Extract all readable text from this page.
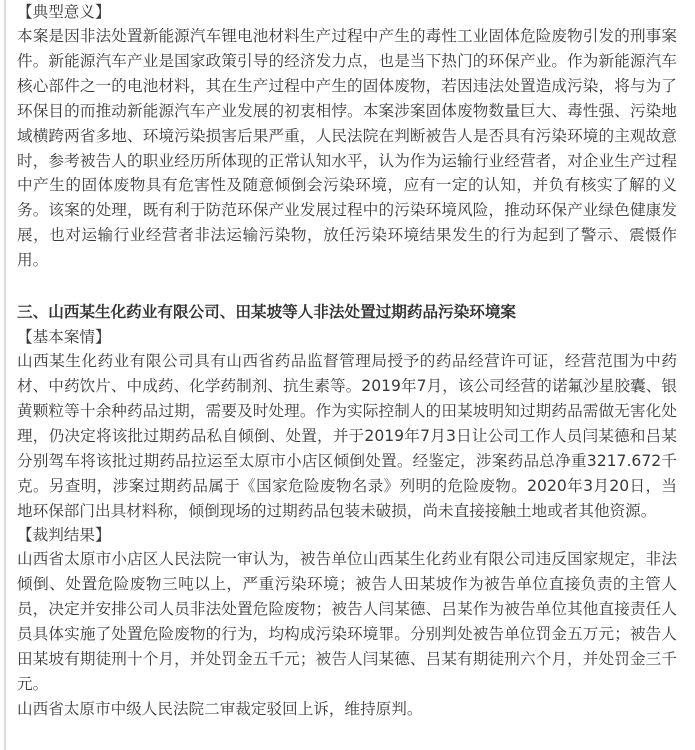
【典型意义】

本案是因非法处置新能源汽车锂电池材料生产过程中产生的毒性工业固体危险废物引发的刑事案件。新能源汽车产业是国家政策引导的经济发力点，也是当下热门的环保产业。作为新能源汽车核心部件之一的电池材料，其在生产过程中产生的固体废物，若因违法处置造成污染，将与为了环保目的而推动新能源汽车产业发展的初衷相悖。本案涉案固体废物数量巨大、毒性强、污染地域横跨两省多地、环境污染损害后果严重，人民法院在判断被告人是否具有污染环境的主观故意时，参考被告人的职业经历所体现的正常认知水平，认为作为运输行业经营者，对企业生产过程中产生的固体废物具有危害性及随意倾倒会污染环境，应有一定的认知，并负有核实了解的义务。该案的处理，既有利于防范环保产业发展过程中的污染环境风险，推动环保产业绿色健康发展，也对运输行业经营者非法运输污染物，放任污染环境结果发生的行为起到了警示、震慑作用。

三、山西某生化药业有限公司、田某坡等人非法处置过期药品污染环境案

【基本案情】

山西某生化药业有限公司具有山西省药品监督管理局授予的药品经营许可证，经营范围为中药材、中药饮片、中成药、化学药制剂、抗生素等。2019年7月，该公司经营的诺氟沙星胶囊、银黄颗粒等十余种药品过期，需要及时处理。作为实际控制人的田某坡明知过期药品需做无害化处理，仍决定将该批过期药品私自倾倒、处置，并于2019年7月3日让公司工作人员闫某德和吕某分别驾车将该批过期药品拉运至太原市小店区倾倒处置。经鉴定，涉案药品总净重3217.672千克。另查明，涉案过期药品属于《国家危险废物名录》列明的危险废物。2020年3月20日，当地环保部门出具材料称，倾倒现场的过期药品包装未破损，尚未直接接触土地或者其他资源。

【裁判结果】

山西省太原市小店区人民法院一审认为，被告单位山西某生化药业有限公司违反国家规定，非法倾倒、处置危险废物三吨以上，严重污染环境；被告人田某坡作为被告单位直接负责的主管人员，决定并安排公司人员非法处置危险废物；被告人闫某德、吕某作为被告单位其他直接责任人员具体实施了处置危险废物的行为，均构成污染环境罪。分别判处被告单位罚金五万元；被告人田某坡有期徒刑十个月，并处罚金五千元；被告人闫某德、吕某有期徒刑六个月，并处罚金三千元。

山西省太原市中级人民法院二审裁定驳回上诉，维持原判。
